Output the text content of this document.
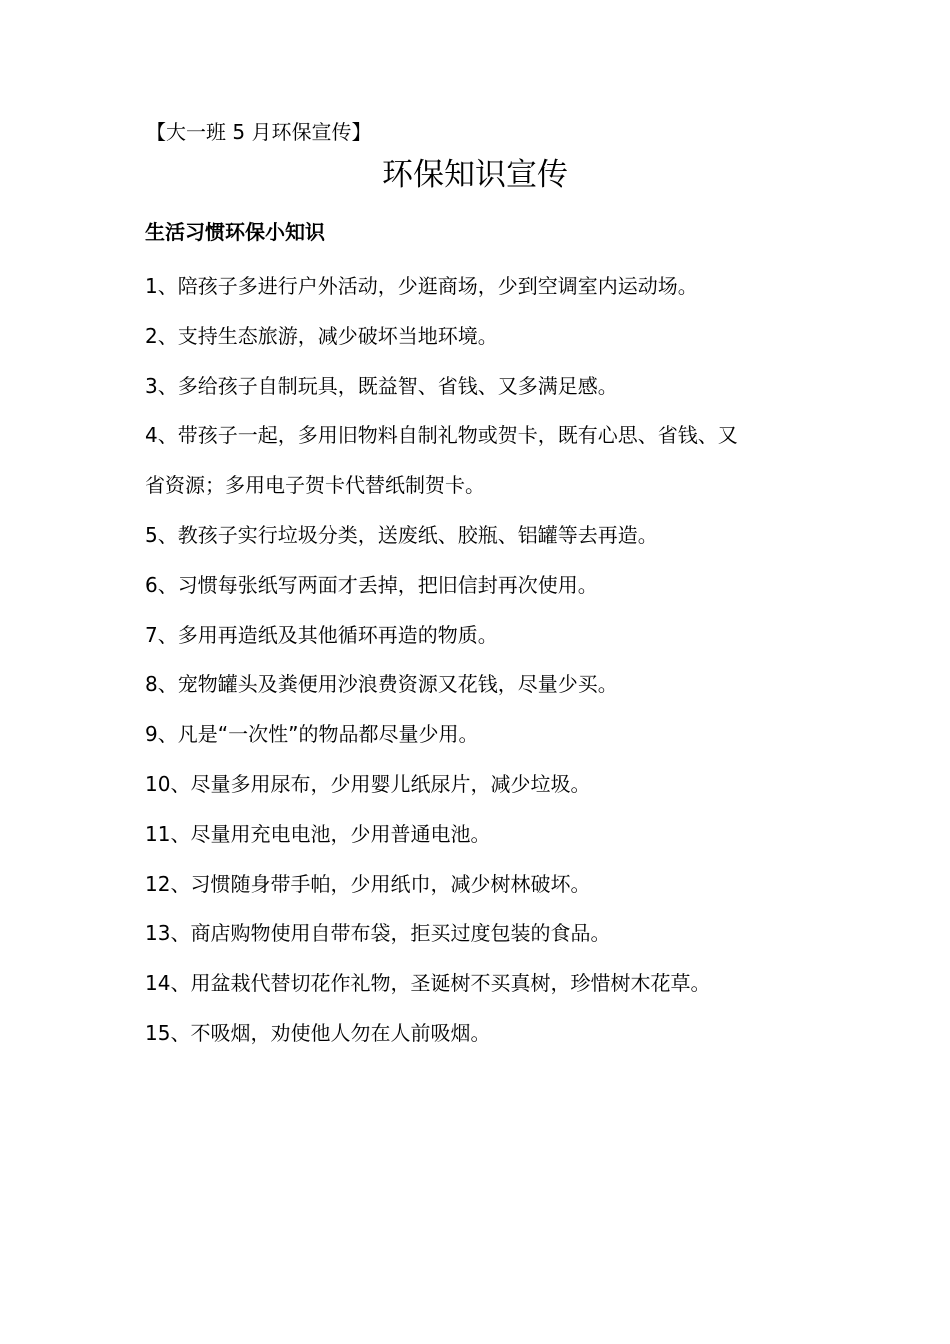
【大一班 5 月环保宣传】
环保知识宣传
生活习惯环保小知识
1、陪孩子多进行户外活动，少逛商场，少到空调室内运动场。
2、支持生态旅游，减少破坏当地环境。
3、多给孩子自制玩具，既益智、省钱、又多满足感。
4、带孩子一起，多用旧物料自制礼物或贺卡，既有心思、省钱、又
省资源；多用电子贺卡代替纸制贺卡。
5、教孩子实行垃圾分类，送废纸、胶瓶、铝罐等去再造。
6、习惯每张纸写两面才丢掉，把旧信封再次使用。
7、多用再造纸及其他循环再造的物质。
8、宠物罐头及粪便用沙浪费资源又花钱，尽量少买。
9、凡是“一次性”的物品都尽量少用。
10、尽量多用尿布，少用婴儿纸尿片，减少垃圾。
11、尽量用充电电池，少用普通电池。
12、习惯随身带手帕，少用纸巾，减少树林破坏。
13、商店购物使用自带布袋，拒买过度包装的食品。
14、用盆栽代替切花作礼物，圣诞树不买真树，珍惜树木花草。
15、不吸烟，劝使他人勿在人前吸烟。
